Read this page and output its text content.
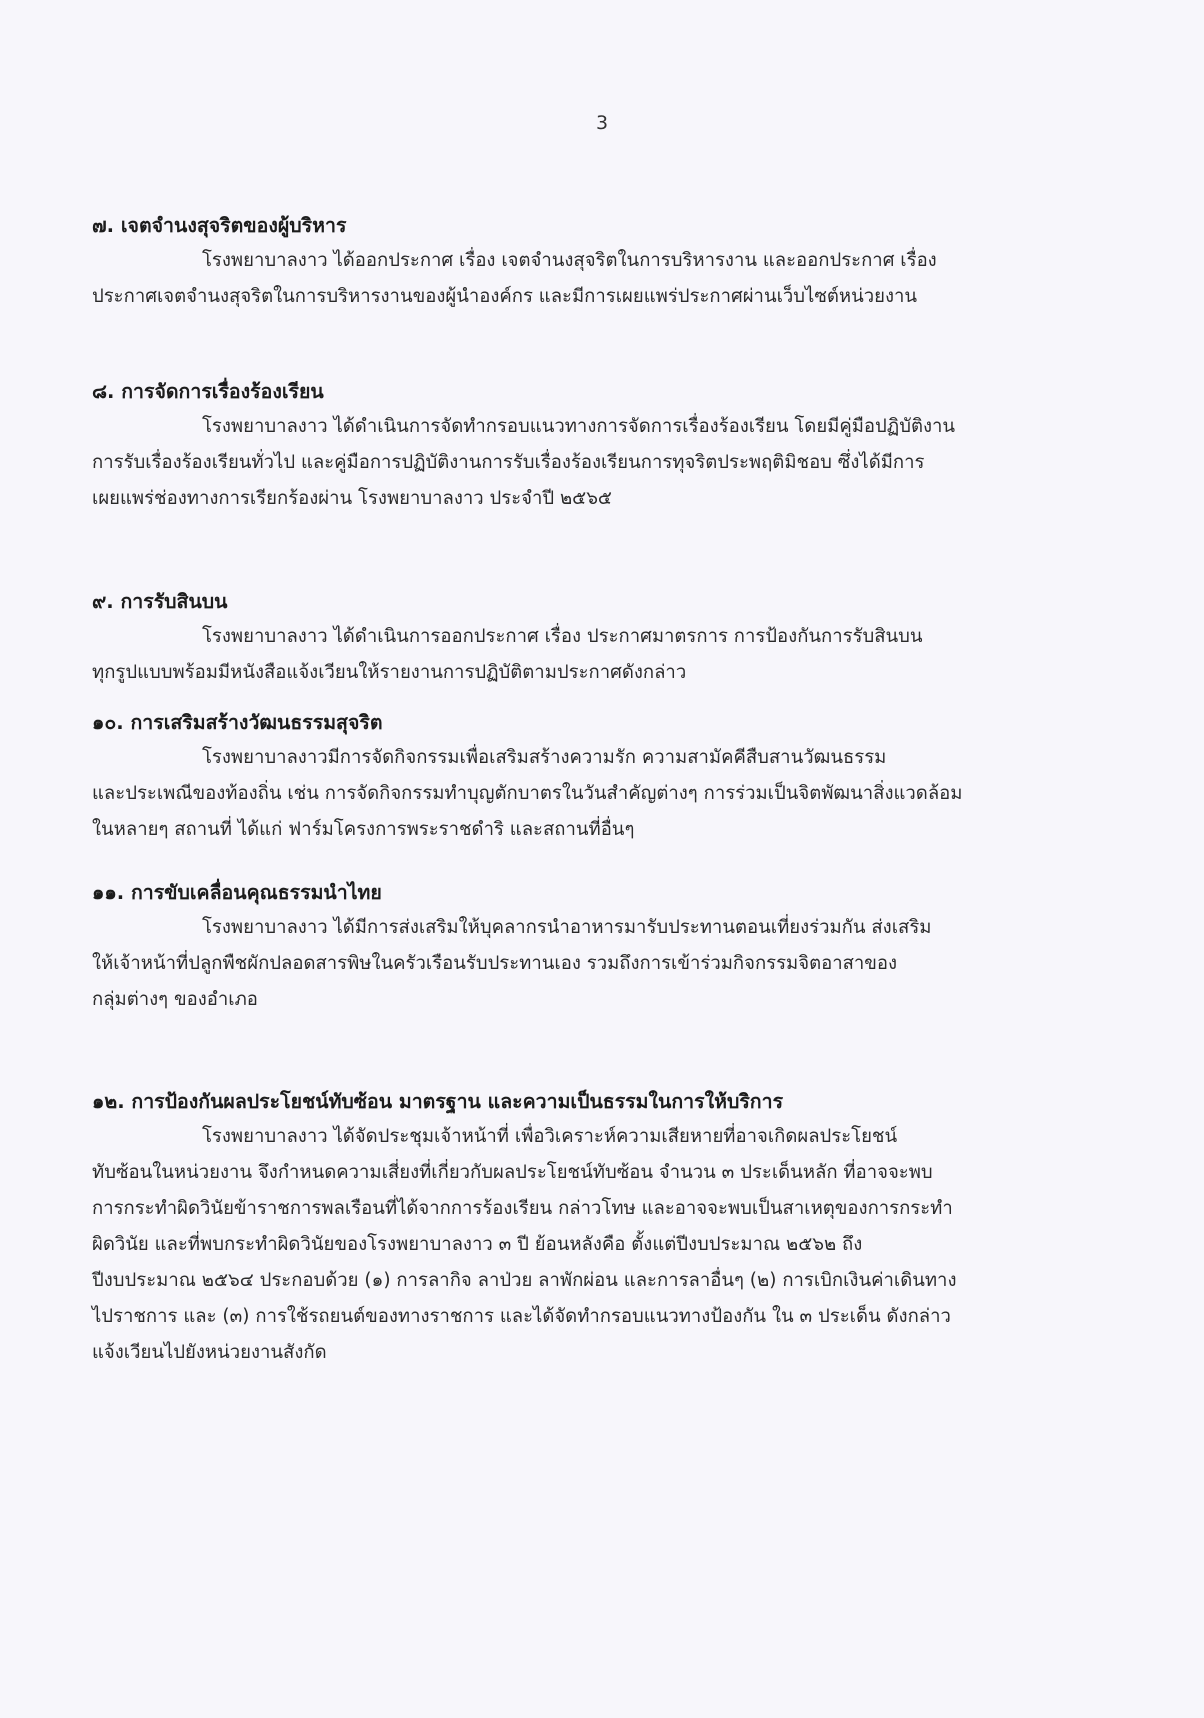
3
๗. เจตจำนงสุจริตของผู้บริหาร
โรงพยาบาลงาว ได้ออกประกาศ เรื่อง เจตจำนงสุจริตในการบริหารงาน และออกประกาศ เรื่อง
ประกาศเจตจำนงสุจริตในการบริหารงานของผู้นำองค์กร และมีการเผยแพร่ประกาศผ่านเว็บไซต์หน่วยงาน
๘. การจัดการเรื่องร้องเรียน
โรงพยาบาลงาว ได้ดำเนินการจัดทำกรอบแนวทางการจัดการเรื่องร้องเรียน โดยมีคู่มือปฏิบัติงาน
การรับเรื่องร้องเรียนทั่วไป และคู่มือการปฏิบัติงานการรับเรื่องร้องเรียนการทุจริตประพฤติมิชอบ ซึ่งได้มีการ
เผยแพร่ช่องทางการเรียกร้องผ่าน โรงพยาบาลงาว ประจำปี ๒๕๖๕
๙. การรับสินบน
โรงพยาบาลงาว ได้ดำเนินการออกประกาศ เรื่อง ประกาศมาตรการ การป้องกันการรับสินบน
ทุกรูปแบบพร้อมมีหนังสือแจ้งเวียนให้รายงานการปฏิบัติตามประกาศดังกล่าว
๑๐. การเสริมสร้างวัฒนธรรมสุจริต
โรงพยาบาลงาวมีการจัดกิจกรรมเพื่อเสริมสร้างความรัก ความสามัคคีสืบสานวัฒนธรรม
และประเพณีของท้องถิ่น เช่น การจัดกิจกรรมทำบุญตักบาตรในวันสำคัญต่างๆ การร่วมเป็นจิตพัฒนาสิ่งแวดล้อม
ในหลายๆ สถานที่ ได้แก่ ฟาร์มโครงการพระราชดำริ และสถานที่อื่นๆ
๑๑. การขับเคลื่อนคุณธรรมนำไทย
โรงพยาบาลงาว ได้มีการส่งเสริมให้บุคลากรนำอาหารมารับประทานตอนเที่ยงร่วมกัน ส่งเสริม
ให้เจ้าหน้าที่ปลูกพืชผักปลอดสารพิษในครัวเรือนรับประทานเอง รวมถึงการเข้าร่วมกิจกรรมจิตอาสาของ
กลุ่มต่างๆ ของอำเภอ
๑๒. การป้องกันผลประโยชน์ทับซ้อน มาตรฐาน และความเป็นธรรมในการให้บริการ
โรงพยาบาลงาว ได้จัดประชุมเจ้าหน้าที่ เพื่อวิเคราะห์ความเสียหายที่อาจเกิดผลประโยชน์
ทับซ้อนในหน่วยงาน จึงกำหนดความเสี่ยงที่เกี่ยวกับผลประโยชน์ทับซ้อน จำนวน ๓ ประเด็นหลัก ที่อาจจะพบ
การกระทำผิดวินัยข้าราชการพลเรือนที่ได้จากการร้องเรียน กล่าวโทษ และอาจจะพบเป็นสาเหตุของการกระทำ
ผิดวินัย และที่พบกระทำผิดวินัยของโรงพยาบาลงาว ๓ ปี ย้อนหลังคือ ตั้งแต่ปีงบประมาณ ๒๕๖๒ ถึง
ปีงบประมาณ ๒๕๖๔ ประกอบด้วย (๑) การลากิจ ลาป่วย ลาพักผ่อน และการลาอื่นๆ (๒) การเบิกเงินค่าเดินทาง
ไปราชการ และ (๓) การใช้รถยนต์ของทางราชการ และได้จัดทำกรอบแนวทางป้องกัน ใน ๓ ประเด็น ดังกล่าว
แจ้งเวียนไปยังหน่วยงานสังกัด
